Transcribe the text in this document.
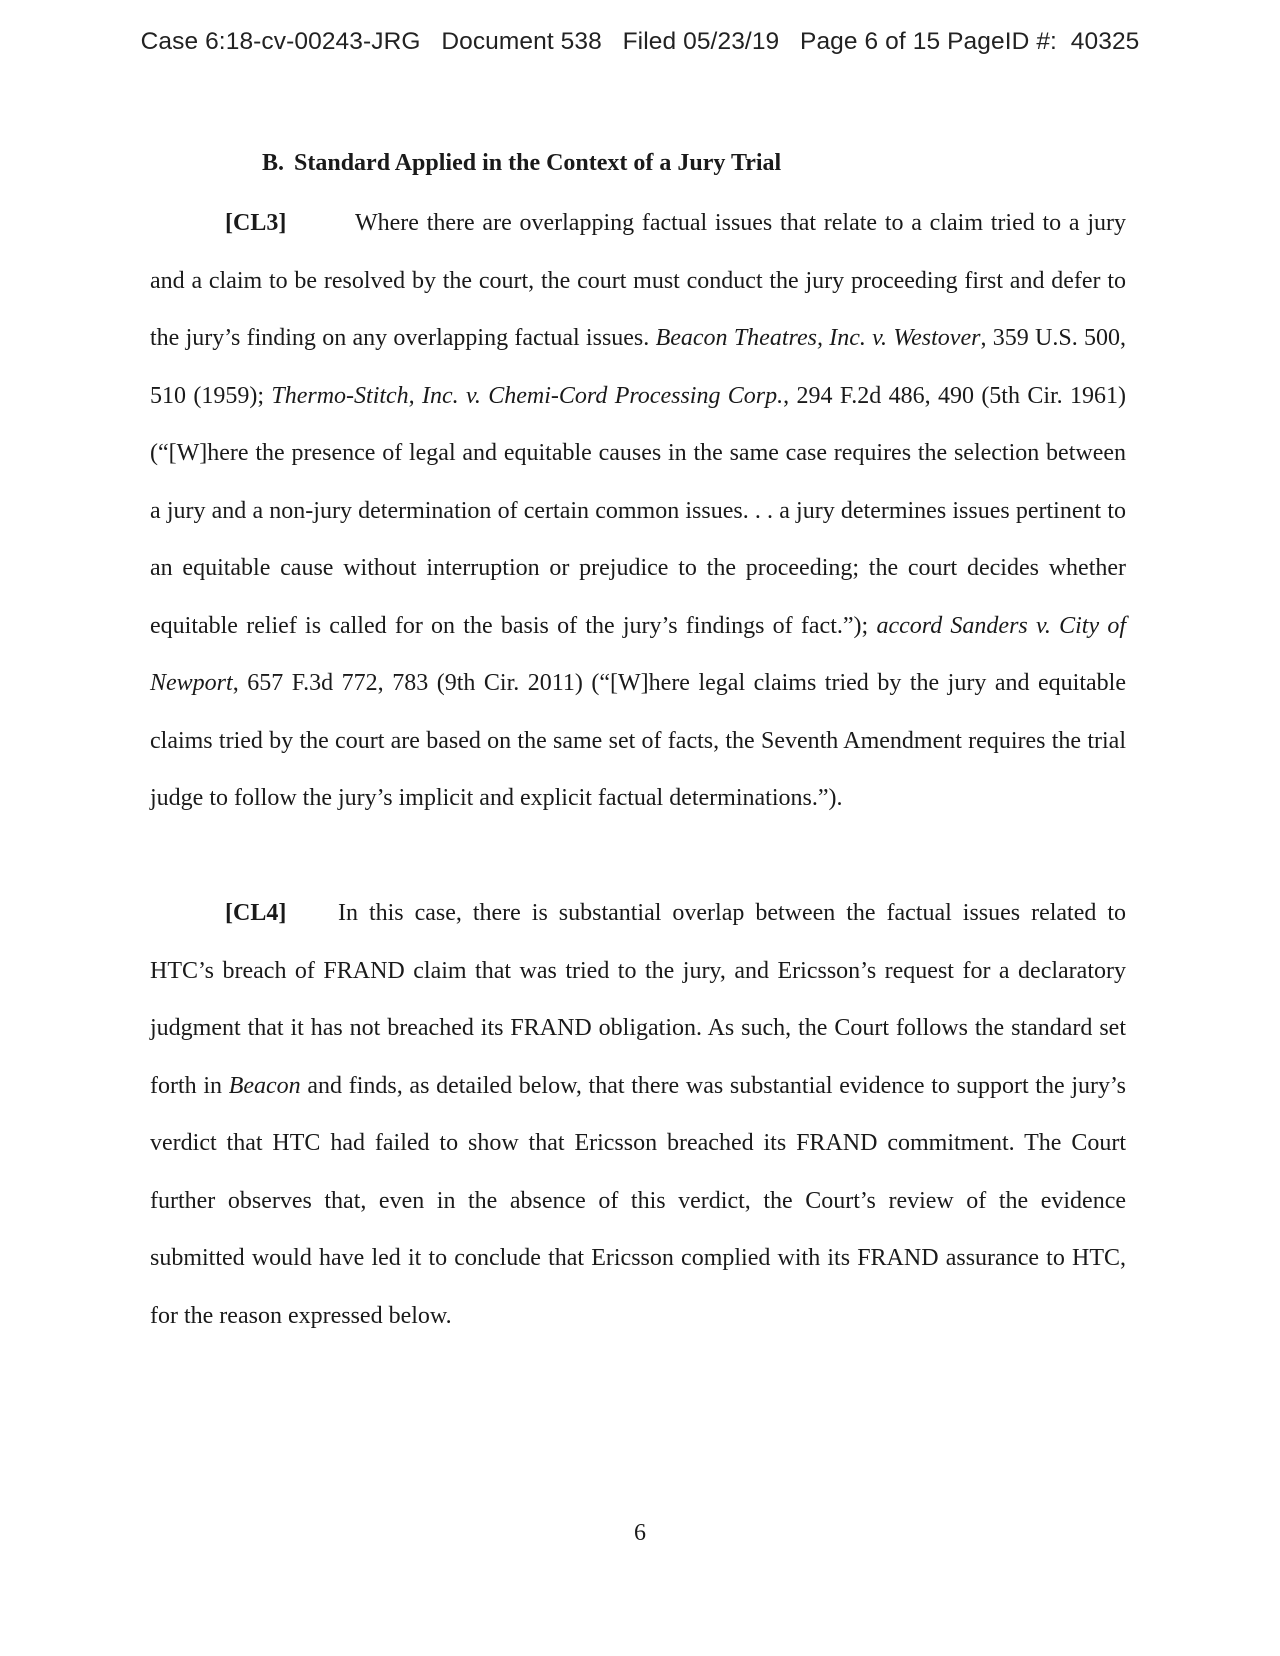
Case 6:18-cv-00243-JRG Document 538 Filed 05/23/19 Page 6 of 15 PageID #:  40325
B. Standard Applied in the Context of a Jury Trial
[CL3]	Where there are overlapping factual issues that relate to a claim tried to a jury and a claim to be resolved by the court, the court must conduct the jury proceeding first and defer to the jury’s finding on any overlapping factual issues. Beacon Theatres, Inc. v. Westover, 359 U.S. 500, 510 (1959); Thermo-Stitch, Inc. v. Chemi-Cord Processing Corp., 294 F.2d 486, 490 (5th Cir. 1961) (“[W]here the presence of legal and equitable causes in the same case requires the selection between a jury and a non-jury determination of certain common issues. . . a jury determines issues pertinent to an equitable cause without interruption or prejudice to the proceeding; the court decides whether equitable relief is called for on the basis of the jury’s findings of fact.”); accord Sanders v. City of Newport, 657 F.3d 772, 783 (9th Cir. 2011) (“[W]here legal claims tried by the jury and equitable claims tried by the court are based on the same set of facts, the Seventh Amendment requires the trial judge to follow the jury’s implicit and explicit factual determinations.”).
[CL4] In this case, there is substantial overlap between the factual issues related to HTC’s breach of FRAND claim that was tried to the jury, and Ericsson’s request for a declaratory judgment that it has not breached its FRAND obligation. As such, the Court follows the standard set forth in Beacon and finds, as detailed below, that there was substantial evidence to support the jury’s verdict that HTC had failed to show that Ericsson breached its FRAND commitment. The Court further observes that, even in the absence of this verdict, the Court’s review of the evidence submitted would have led it to conclude that Ericsson complied with its FRAND assurance to HTC, for the reason expressed below.
6
